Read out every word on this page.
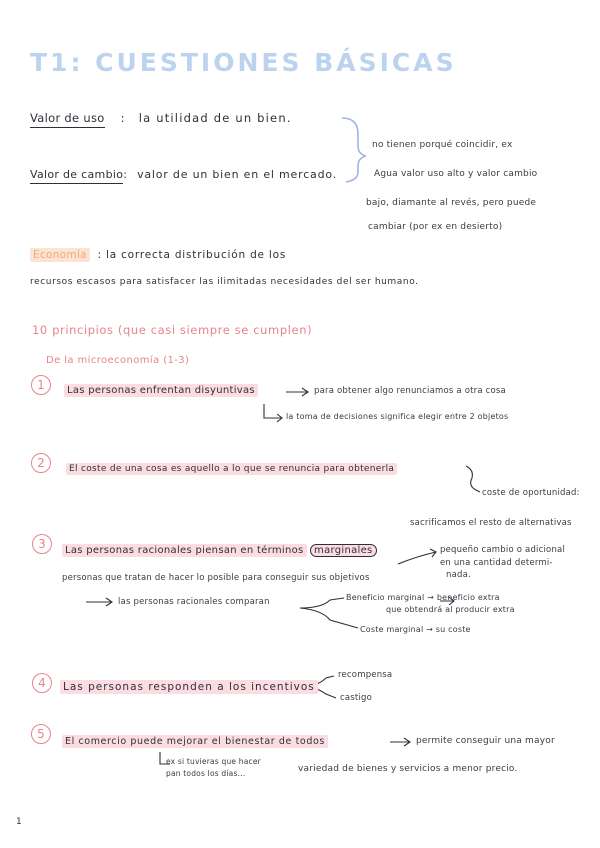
T1: CUESTIONES BÁSICAS
Valor de uso : la utilidad de un bien.
Valor de cambio: valor de un bien en el mercado.
no tienen porqué coincidir, ex
Agua valor uso alto y valor cambio
bajo, diamante al revés, pero puede
cambiar (por ex en desierto)
Economía : la correcta distribución de los
recursos escasos para satisfacer las ilimitadas necesidades del ser humano.
10 principios (que casi siempre se cumplen)
De la microeconomía (1-3)
1	Las personas enfrentan disyuntivas	para obtener algo renunciamos a otra cosa
la toma de decisiones significa elegir entre 2 objetos
2	El coste de una cosa es aquello a lo que se renuncia para obtenerla
coste de oportunidad:
sacrificamos el resto de alternativas
3	Las personas racionales piensan en términos marginales
personas que tratan de hacer lo posible para conseguir sus objetivos
pequeño cambio o adicional
en una cantidad determi-
nada.
las personas racionales comparan	Beneficio marginal → beneficio extra
que obtendrá al producir extra
Coste marginal → su coste
4	Las personas responden a los incentivos
recompensa
castigo
5
El comercio puede mejorar el bienestar de todos	permite conseguir una mayor
variedad de bienes y servicios a menor precio.
ex si tuvieras que hacer
pan todos los días...
1
